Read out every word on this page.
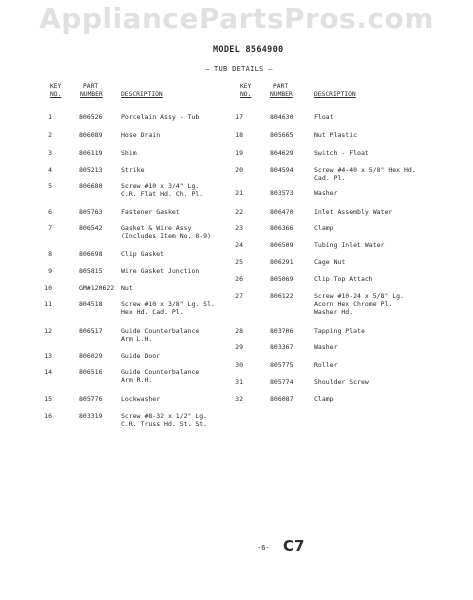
AppliancePartsPros.com
MODEL 8564900
– TUB DETAILS –
KEY
NO.
PART
NUMBER	DESCRIPTION
KEY
NO.
PART
NUMBER	DESCRIPTION
1	806526	Porcelain Assy - Tub
2	806089	Hose Drain
3	806119	Shim
4	805213	Strike
5	806680	Screw #10 x 3/4" Lg.
C.R. Flat Hd. Ch. Pl.
6	805763	Fastener Gasket
7	806542	Gasket & Wire Assy
(Includes Item No. 8-9)
8	806698	Clip Gasket
9	805815	Wire Gasket Junction
10	GM#120622 Nut
11	804518	Screw #10 x 3/8" Lg. Sl.
Hex Hd. Cad. Pl.
12	806517	Guide Counterbalance
Arm L.H.
13	806029	Guide Door
14	806516	Guide Counterbalance
Arm R.H.
15	805776	Lockwasher
16	803319	Screw #8-32 x 1/2" Lg.
C.R. Truss Hd. St. St.
17	804630	Float
18	805665	Nut Plastic
19	804629	Switch - Float
20	804594	Screw #4-40 x 5/8" Hex Hd.
Cad. Pl.
21	803573	Washer
22	806470	Inlet Assembly Water
23	806366	Clamp
24	806509	Tubing Inlet Water
25	806291	Cage Nut
26	805069	Clip Top Attach
27	806122	Screw #10-24 x 5/8" Lg.
Acorn Hex Chrome Pl.
Washer Hd.
28	803706	Tapping Plate
29	803367	Washer
30	805775	Roller
31	805774	Shoulder Screw
32	806087	Clamp
-6- C7
